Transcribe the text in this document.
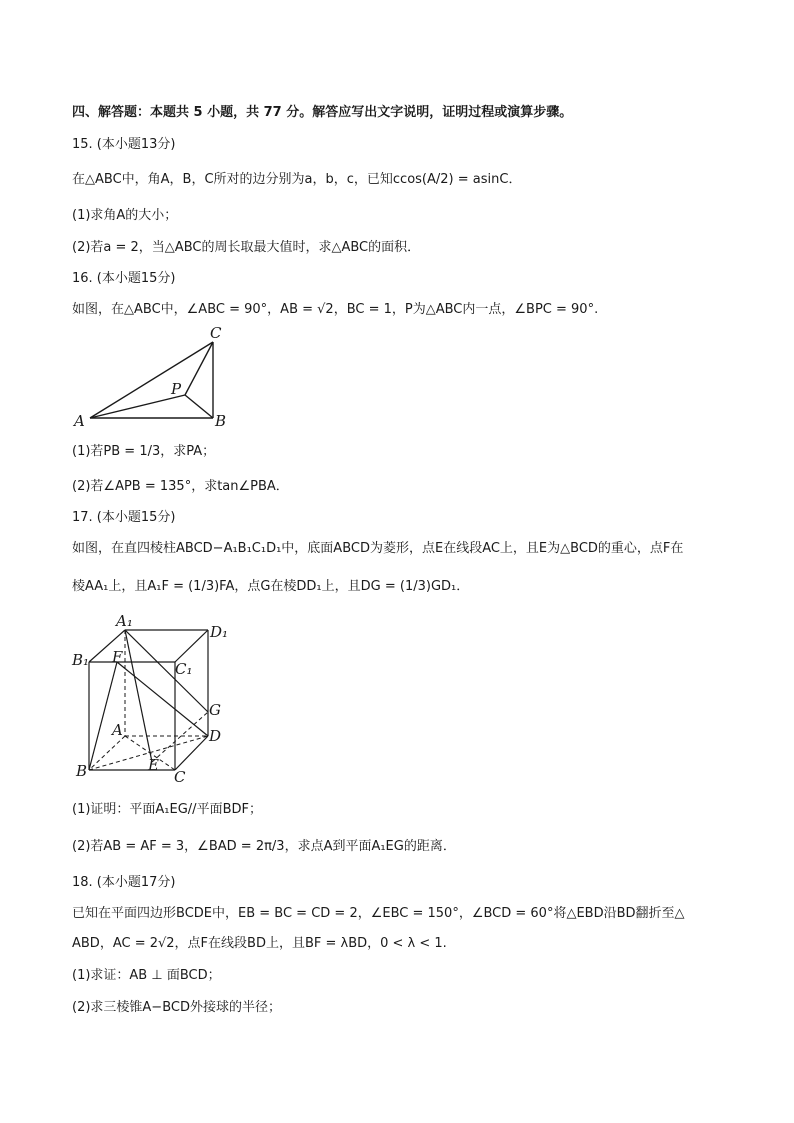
四、解答题：本题共 5 小题，共 77 分。解答应写出文字说明，证明过程或演算步骤。
15. (本小题13分)
在△ABC中，角A，B，C所对的边分别为a，b，c，已知ccos(A/2) = asinC．
(1)求角A的大小；
(2)若a = 2，当△ABC的周长取最大值时，求△ABC的面积．
16. (本小题15分)
如图，在△ABC中，∠ABC = 90°，AB = √2，BC = 1，P为△ABC内一点，∠BPC = 90°.
A	B
C
P
(1)若PB = 1/3，求PA；
(2)若∠APB = 135°，求tan∠PBA．
17. (本小题15分)
如图，在直四棱柱ABCD−A₁B₁C₁D₁中，底面ABCD为菱形，点E在线段AC上，且E为△BCD的重心，点F在
棱AA₁上，且A₁F = (1/3)FA，点G在棱DD₁上，且DG = (1/3)GD₁．
A₁
D₁
B₁ F
C₁
G
A	D
B	E
C
(1)证明：平面A₁EG//平面BDF；
(2)若AB = AF = 3，∠BAD = 2π/3，求点A到平面A₁EG的距离．
18. (本小题17分)
已知在平面四边形BCDE中，EB = BC = CD = 2，∠EBC = 150°，∠BCD = 60°将△EBD沿BD翻折至△
ABD，AC = 2√2，点F在线段BD上，且BF = λBD，0 < λ < 1.
(1)求证：AB ⊥ 面BCD；
(2)求三棱锥A−BCD外接球的半径；
